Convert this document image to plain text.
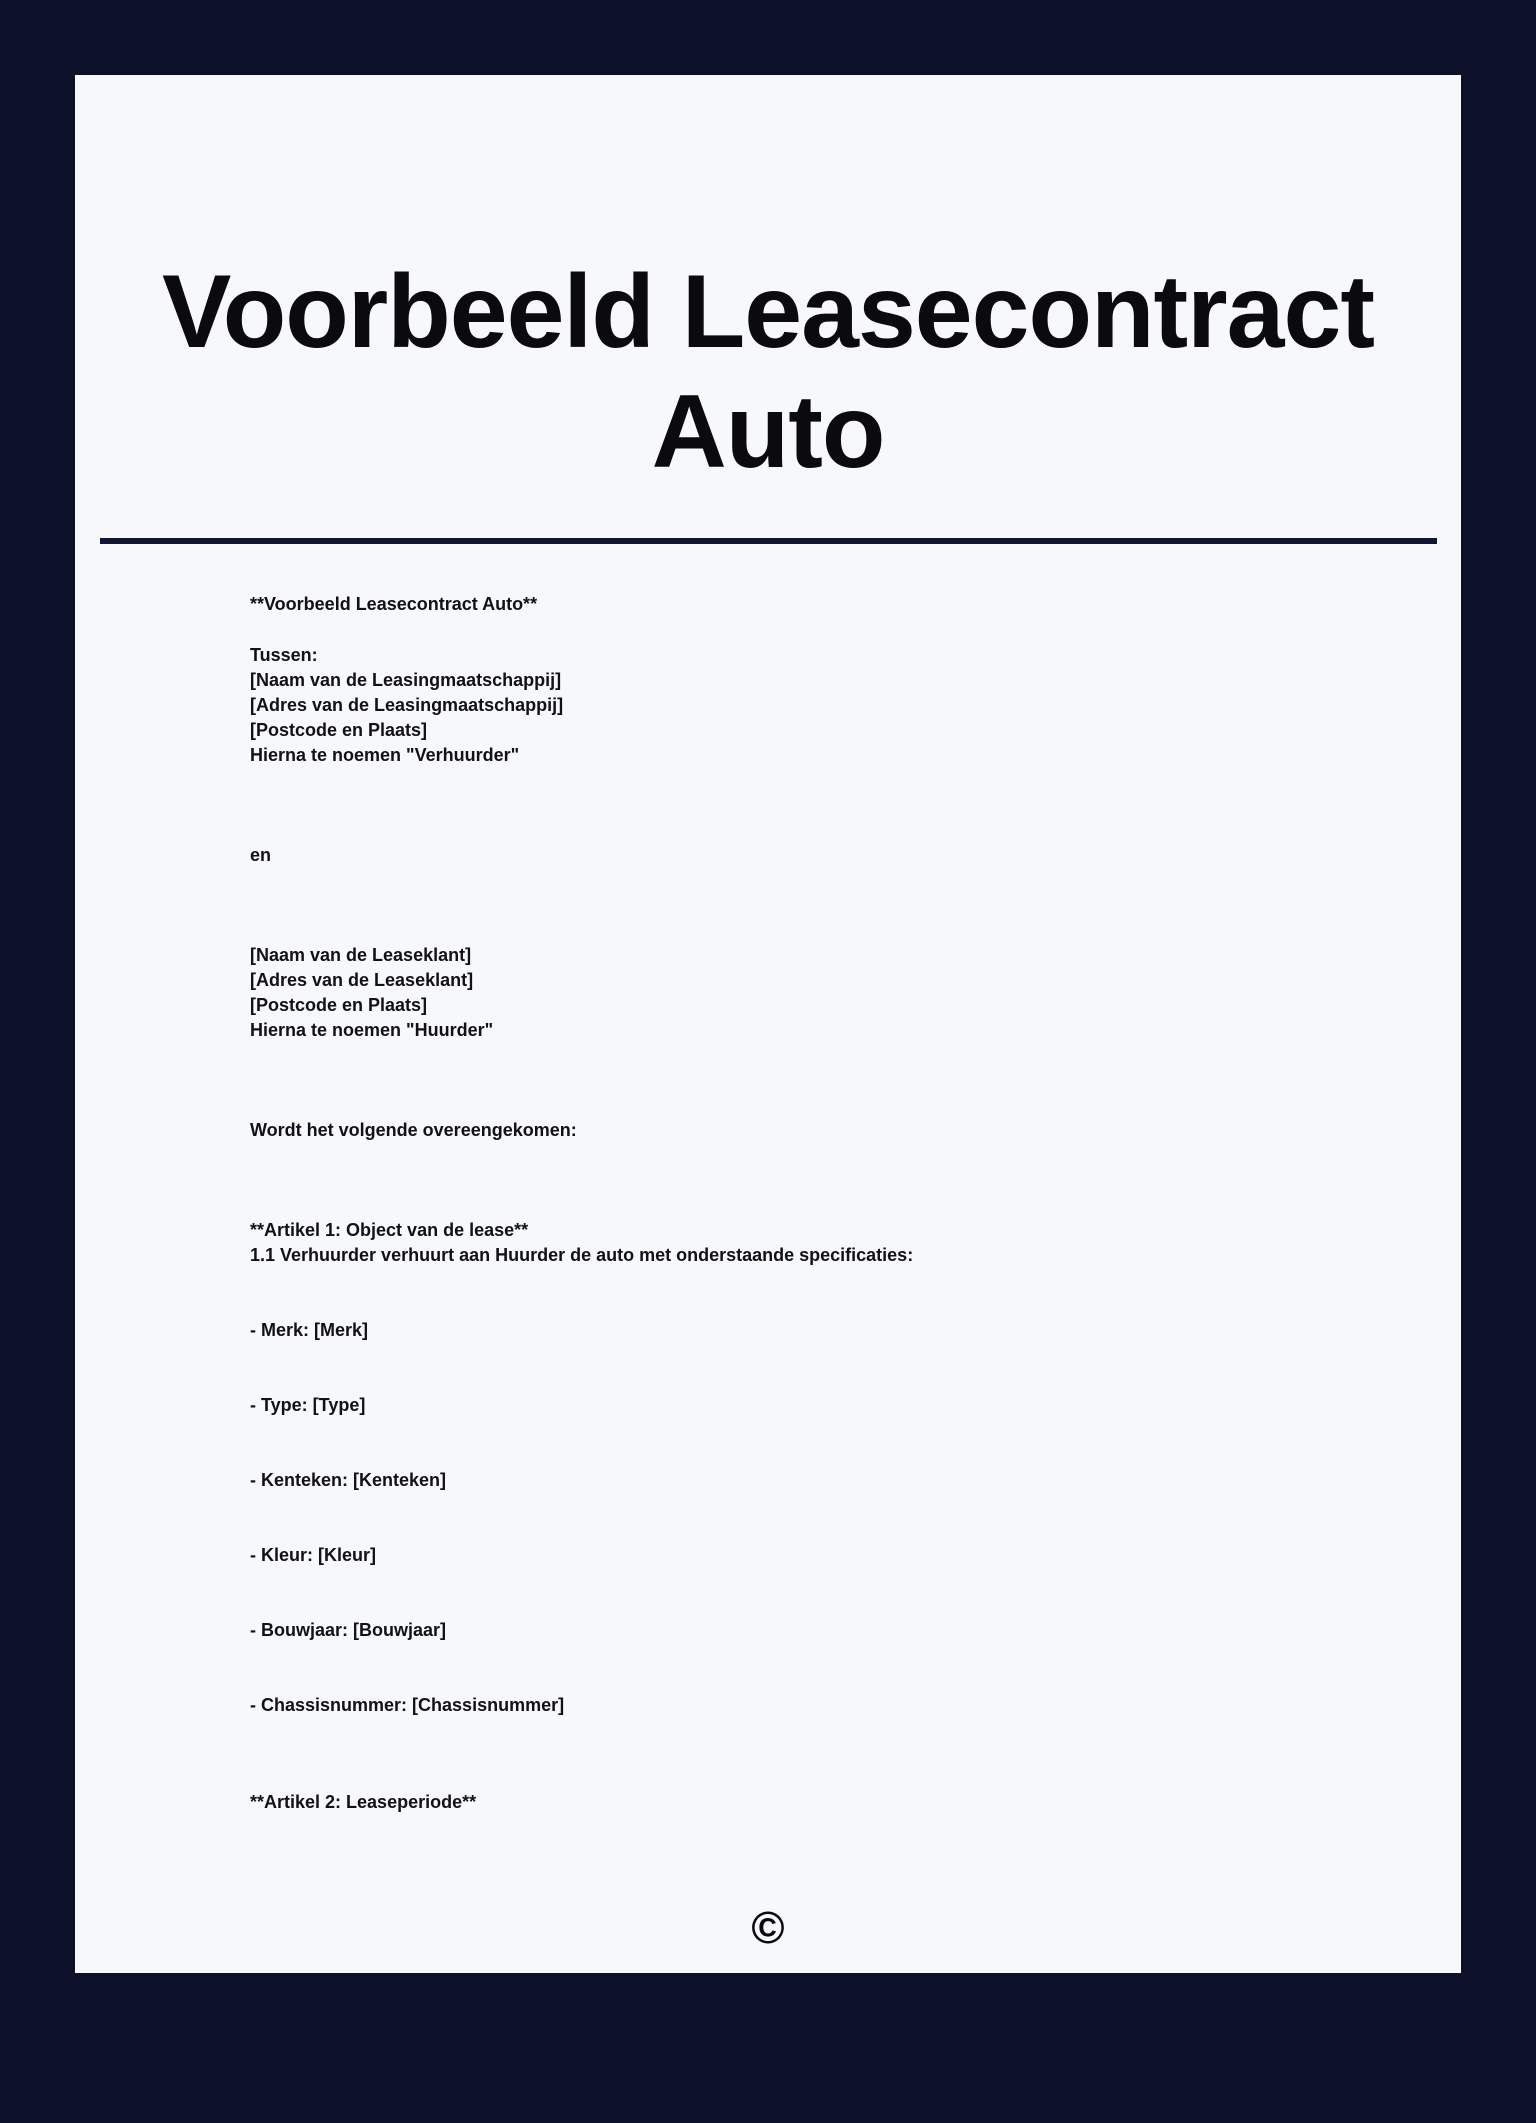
Voorbeeld Leasecontract Auto

**Voorbeeld Leasecontract Auto**

Tussen:
[Naam van de Leasingmaatschappij]
[Adres van de Leasingmaatschappij]
[Postcode en Plaats]
Hierna te noemen "Verhuurder"

en

[Naam van de Leaseklant]
[Adres van de Leaseklant]
[Postcode en Plaats]
Hierna te noemen "Huurder"

Wordt het volgende overeengekomen:

**Artikel 1: Object van de lease**
1.1 Verhuurder verhuurt aan Huurder de auto met onderstaande specificaties:

- Merk: [Merk]

- Type: [Type]

- Kenteken: [Kenteken]

- Kleur: [Kleur]

- Bouwjaar: [Bouwjaar]

- Chassisnummer: [Chassisnummer]

**Artikel 2: Leaseperiode**

©
